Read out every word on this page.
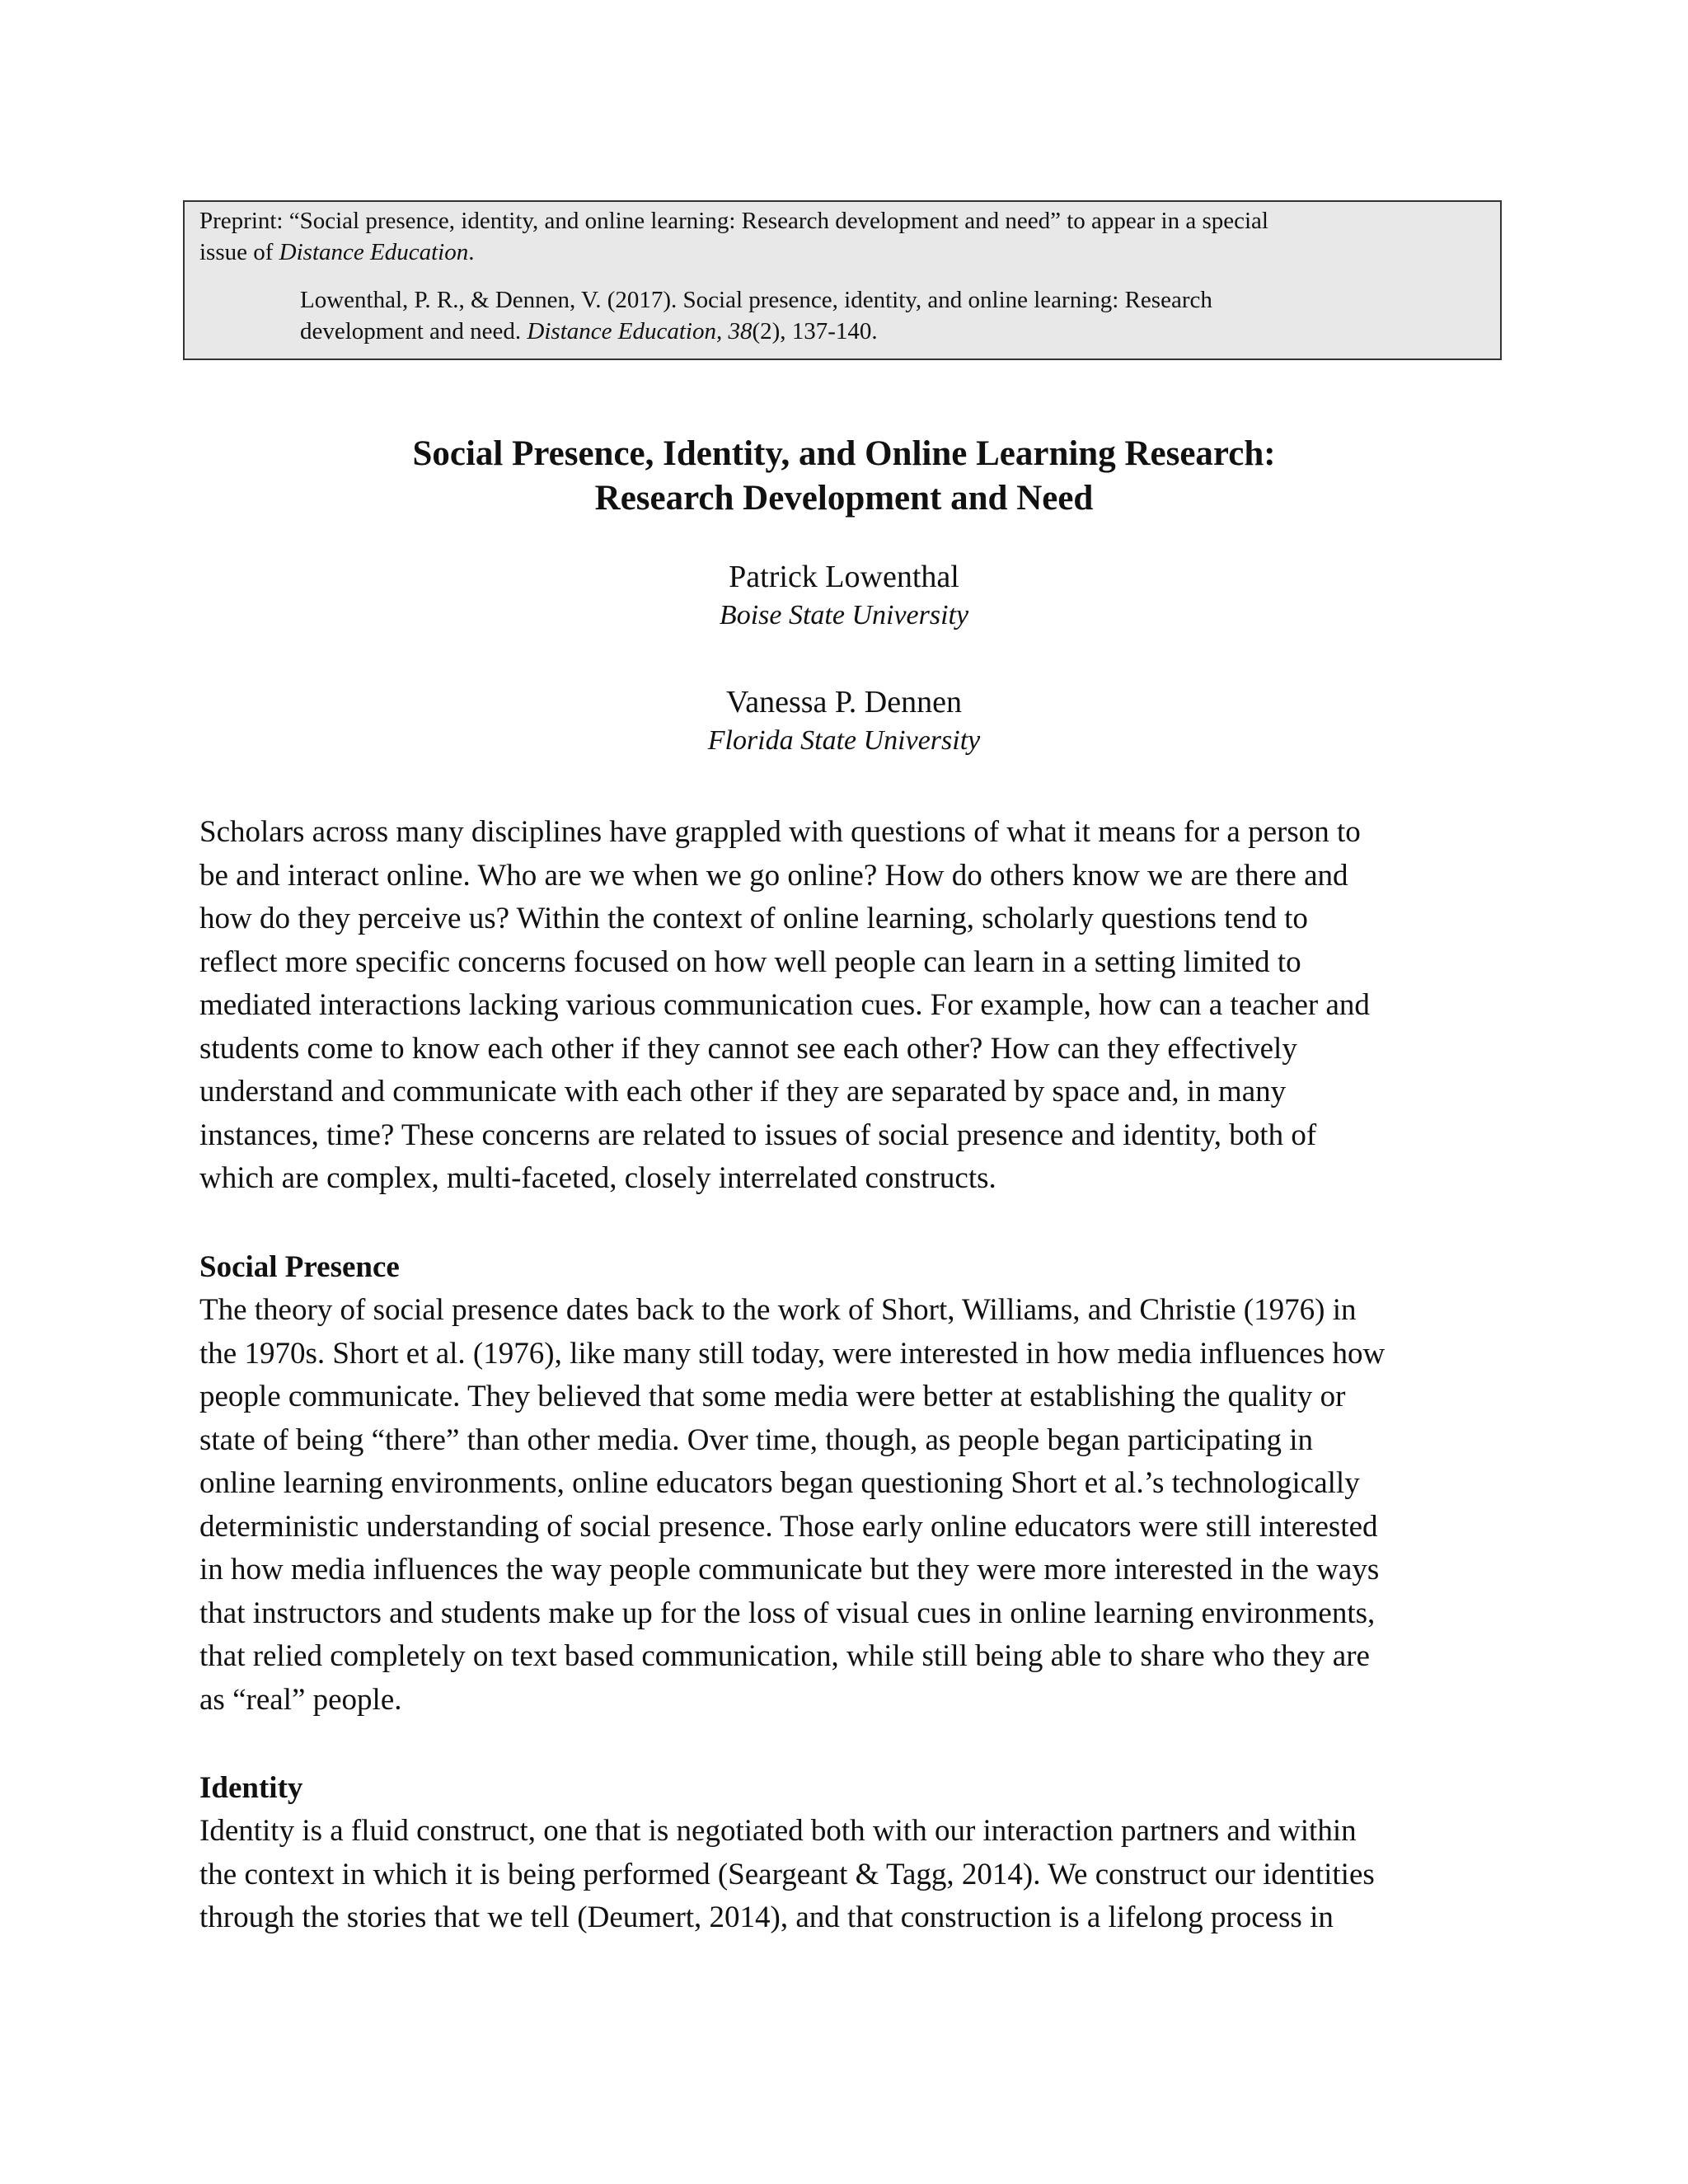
Preprint: “Social presence, identity, and online learning: Research development and need” to appear in a special
issue of Distance Education.
Lowenthal, P. R., & Dennen, V. (2017). Social presence, identity, and online learning: Research
development and need. Distance Education, 38(2), 137-140.
Social Presence, Identity, and Online Learning Research:
Research Development and Need
Patrick Lowenthal
Boise State University
Vanessa P. Dennen
Florida State University
Scholars across many disciplines have grappled with questions of what it means for a person to
be and interact online. Who are we when we go online? How do others know we are there and
how do they perceive us? Within the context of online learning, scholarly questions tend to
reflect more specific concerns focused on how well people can learn in a setting limited to
mediated interactions lacking various communication cues. For example, how can a teacher and
students come to know each other if they cannot see each other? How can they effectively
understand and communicate with each other if they are separated by space and, in many
instances, time? These concerns are related to issues of social presence and identity, both of
which are complex, multi-faceted, closely interrelated constructs.
Social Presence
The theory of social presence dates back to the work of Short, Williams, and Christie (1976) in
the 1970s. Short et al. (1976), like many still today, were interested in how media influences how
people communicate. They believed that some media were better at establishing the quality or
state of being “there” than other media. Over time, though, as people began participating in
online learning environments, online educators began questioning Short et al.’s technologically
deterministic understanding of social presence. Those early online educators were still interested
in how media influences the way people communicate but they were more interested in the ways
that instructors and students make up for the loss of visual cues in online learning environments,
that relied completely on text based communication, while still being able to share who they are
as “real” people.
Identity
Identity is a fluid construct, one that is negotiated both with our interaction partners and within
the context in which it is being performed (Seargeant & Tagg, 2014). We construct our identities
through the stories that we tell (Deumert, 2014), and that construction is a lifelong process in
